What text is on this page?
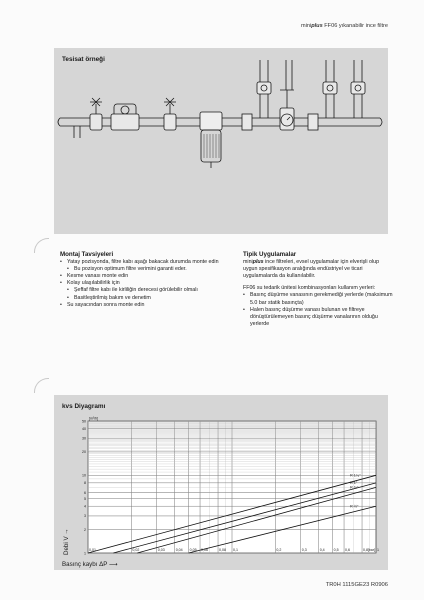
miniplus FF06 yıkanabilir ince filtre
Tesisat örneği
Montaj Tavsiyeleri
• Yatay pozisyonda, filtre kabı aşağı bakacak durumda monte edin
• Bu pozisyon optimum filtre verimini garanti eder.
• Kesme vanası monte edin
• Kolay ulaşılabilirlik için
• Şeffaf filtre kabı ile kirliliğin derecesi görülebilir olmalı
• Basitleştirilmiş bakım ve denetim
• Su sayacından sonra monte edin
Tipik Uygulamalar

miniplus ince filtreleri, evsel uygulamalar için elverişli olup uygun spesifikasyon aralığında endüstriyel ve ticari uygulamalarda da kullanılabilir.

FF06 su tedarik ünitesi kombinasyonları kullanım yerleri:

• Basınç düşürme vanasının gerekmediği yerlerde (maksimum 5.0 bar statik basınçta)
• Halen basınç düşürme vanası bulunan ve filtreye dönüştürülemeyen basınç düşürme vanalarının olduğu yerlerde
kvs Diyagramı
0,01	0,02	0,03	0,04 0,05 0,06	0,08 0,1	0,2	0,3	0,4 0,5 0,6	0,8 1
1
2
3
4
5
6
8
10
20
30
40
50
[m³/h]
[bar]
R 1¼"
R 1"
R ¾"
R ½"
Debi V →
Basınç kaybı ΔP ⟶
TR0H 1115GE23 R0906
